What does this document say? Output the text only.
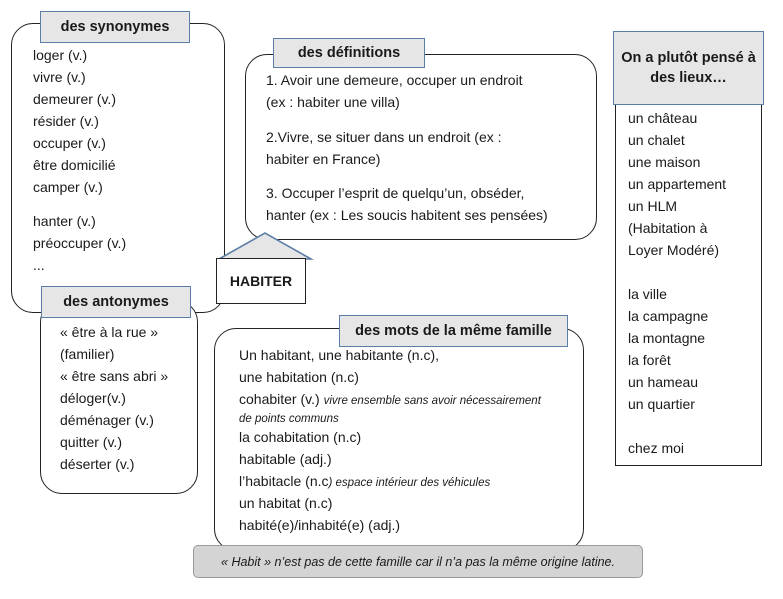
des synonymes
loger (v.)
vivre (v.)
demeurer (v.)
résider (v.)
occuper (v.)
être domicilié
camper (v.)
hanter (v.)
préoccuper (v.)
...
des définitions
1. Avoir une demeure, occuper un endroit
(ex : habiter une villa)
2.Vivre, se situer dans un endroit (ex :
habiter en France)
3. Occuper l’esprit de quelqu’un, obséder,
hanter (ex : Les soucis habitent ses pensées)
HABITER
On a plutôt pensé à des lieux…
un château
un chalet
une maison
un appartement
un HLM
(Habitation à
Loyer Modéré)
la ville
la campagne
la montagne
la forêt
un hameau
un quartier
chez moi
des antonymes
« être à la rue »
(familier)
« être sans abri »
déloger(v.)
déménager (v.)
quitter (v.)
déserter (v.)
des mots de la même famille
Un habitant, une habitante (n.c),
une habitation (n.c)
cohabiter (v.) vivre ensemble sans avoir nécessairement
de points communs
la cohabitation (n.c)
habitable (adj.)
l’habitacle (n.c) espace intérieur des véhicules
un habitat (n.c)
habité(e)/inhabité(e) (adj.)
« Habit » n’est pas de cette famille car il n’a pas la même origine latine.
